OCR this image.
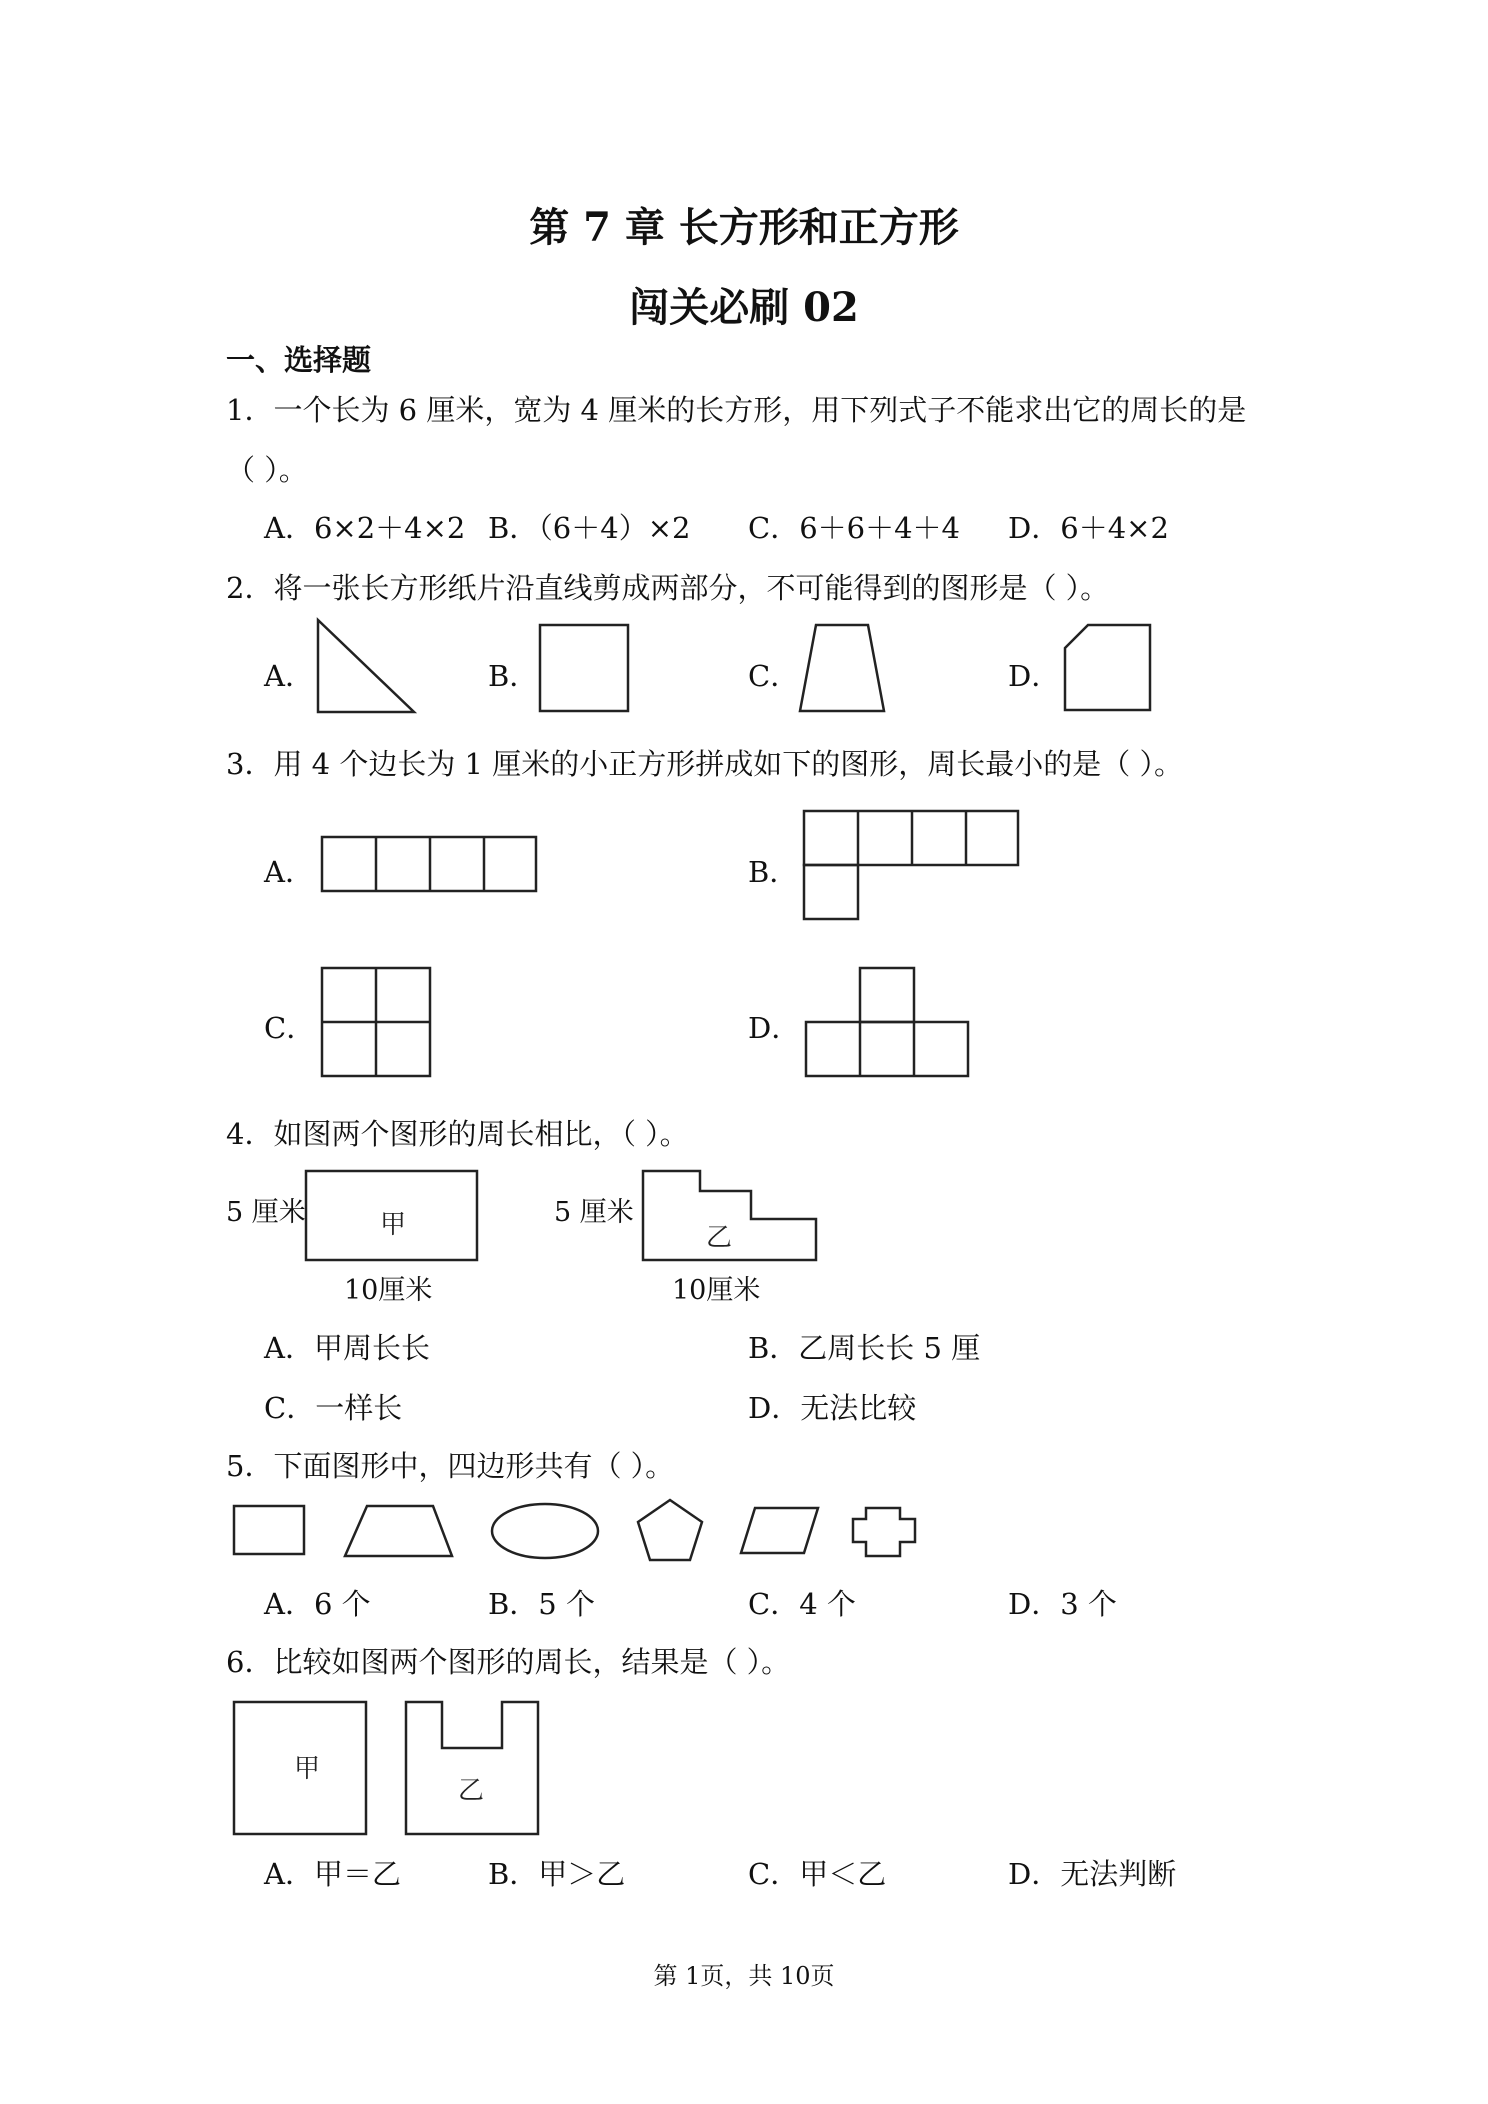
第 7 章 长方形和正方形
闯关必刷 02
一、选择题
1．一个长为 6 厘米，宽为 4 厘米的长方形，用下列式子不能求出它的周长的是
（ ）。
A．6×2＋4×2 B．（6＋4）×2 C．6＋6＋4＋4 D．6＋4×2
2．将一张长方形纸片沿直线剪成两部分，不可能得到的图形是（ ）。
A．	B．	C．	D．
3．用 4 个边长为 1 厘米的小正方形拼成如下的图形，周长最小的是（ ）。
A．	B．
C．	D．
4．如图两个图形的周长相比，（ ）。
5 厘米	5 厘米
10厘米	10厘米
A．甲周长长	B．乙周长长 5 厘
C．一样长	D．无法比较
5．下面图形中，四边形共有（ ）。
A．6 个	B．5 个	C．4 个	D．3 个
6．比较如图两个图形的周长，结果是（ ）。
A．甲＝乙	B．甲＞乙	C．甲＜乙	D．无法判断
第 1页，共 10页
甲	乙
甲
乙
